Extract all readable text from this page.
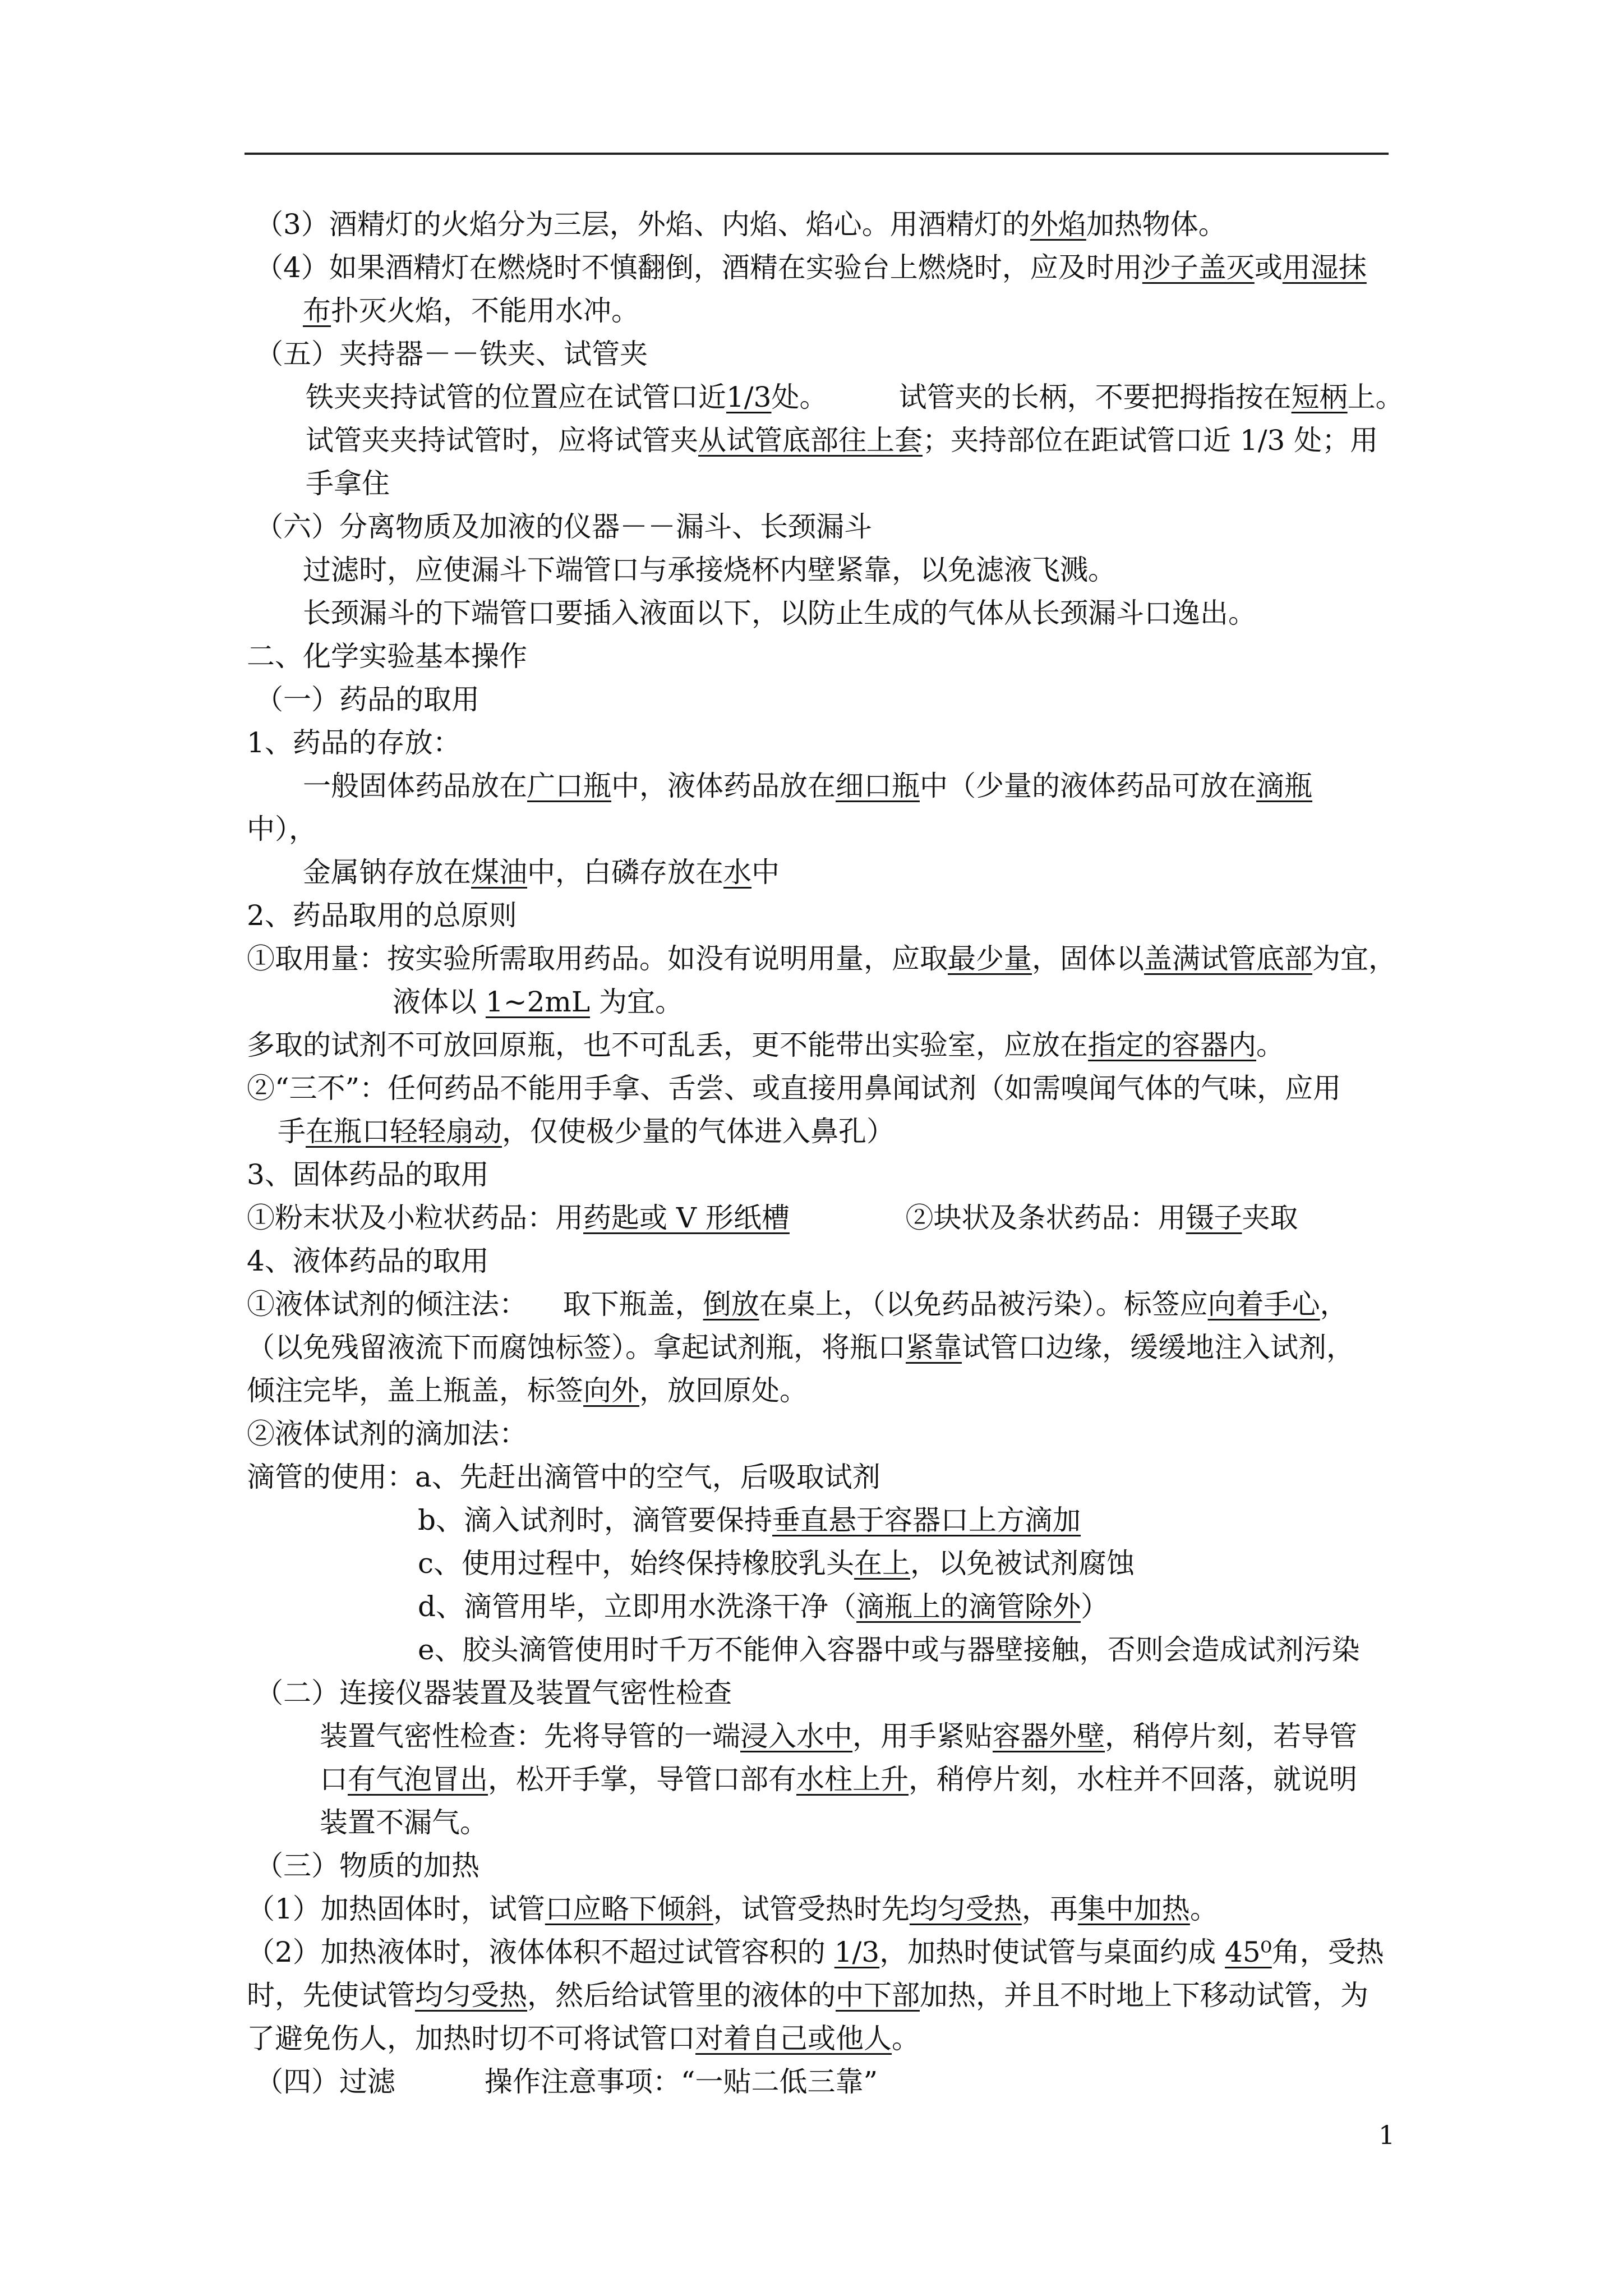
（3）酒精灯的火焰分为三层，外焰、内焰、焰心。用酒精灯的外焰加热物体。
（4）如果酒精灯在燃烧时不慎翻倒，酒精在实验台上燃烧时，应及时用沙子盖灭或用湿抹
布扑灭火焰，不能用水冲。
（五）夹持器－－铁夹、试管夹
铁夹夹持试管的位置应在试管口近1/3处。        试管夹的长柄，不要把拇指按在短柄上。
试管夹夹持试管时，应将试管夹从试管底部往上套；夹持部位在距试管口近 1/3 处；用
手拿住
（六）分离物质及加液的仪器－－漏斗、长颈漏斗
过滤时，应使漏斗下端管口与承接烧杯内壁紧靠，以免滤液飞溅。
长颈漏斗的下端管口要插入液面以下，以防止生成的气体从长颈漏斗口逸出。
二、化学实验基本操作
（一）药品的取用
1、药品的存放：
一般固体药品放在广口瓶中，液体药品放在细口瓶中（少量的液体药品可放在滴瓶
中），
金属钠存放在煤油中，白磷存放在水中
2、药品取用的总原则
①取用量：按实验所需取用药品。如没有说明用量，应取最少量，固体以盖满试管底部为宜，
液体以 1~2mL 为宜。
多取的试剂不可放回原瓶，也不可乱丢，更不能带出实验室，应放在指定的容器内。
②“三不”：任何药品不能用手拿、舌尝、或直接用鼻闻试剂（如需嗅闻气体的气味，应用
手在瓶口轻轻扇动，仅使极少量的气体进入鼻孔）
3、固体药品的取用
①粉末状及小粒状药品：用药匙或 V 形纸槽             ②块状及条状药品：用镊子夹取
4、液体药品的取用
①液体试剂的倾注法：    取下瓶盖，倒放在桌上，（以免药品被污染）。标签应向着手心，
（以免残留液流下而腐蚀标签）。拿起试剂瓶，将瓶口紧靠试管口边缘，缓缓地注入试剂，
倾注完毕，盖上瓶盖，标签向外，放回原处。
②液体试剂的滴加法：
滴管的使用：a、先赶出滴管中的空气，后吸取试剂
b、滴入试剂时，滴管要保持垂直悬于容器口上方滴加
c、使用过程中，始终保持橡胶乳头在上，以免被试剂腐蚀
d、滴管用毕，立即用水洗涤干净（滴瓶上的滴管除外）
e、胶头滴管使用时千万不能伸入容器中或与器壁接触，否则会造成试剂污染
（二）连接仪器装置及装置气密性检查
装置气密性检查：先将导管的一端浸入水中，用手紧贴容器外壁，稍停片刻，若导管
口有气泡冒出，松开手掌，导管口部有水柱上升，稍停片刻，水柱并不回落，就说明
装置不漏气。
（三）物质的加热
（1）加热固体时，试管口应略下倾斜，试管受热时先均匀受热，再集中加热。
（2）加热液体时，液体体积不超过试管容积的 1/3，加热时使试管与桌面约成 45⁰角，受热
时，先使试管均匀受热，然后给试管里的液体的中下部加热，并且不时地上下移动试管，为
了避免伤人，加热时切不可将试管口对着自己或他人。
（四）过滤          操作注意事项：“一贴二低三靠”
1
